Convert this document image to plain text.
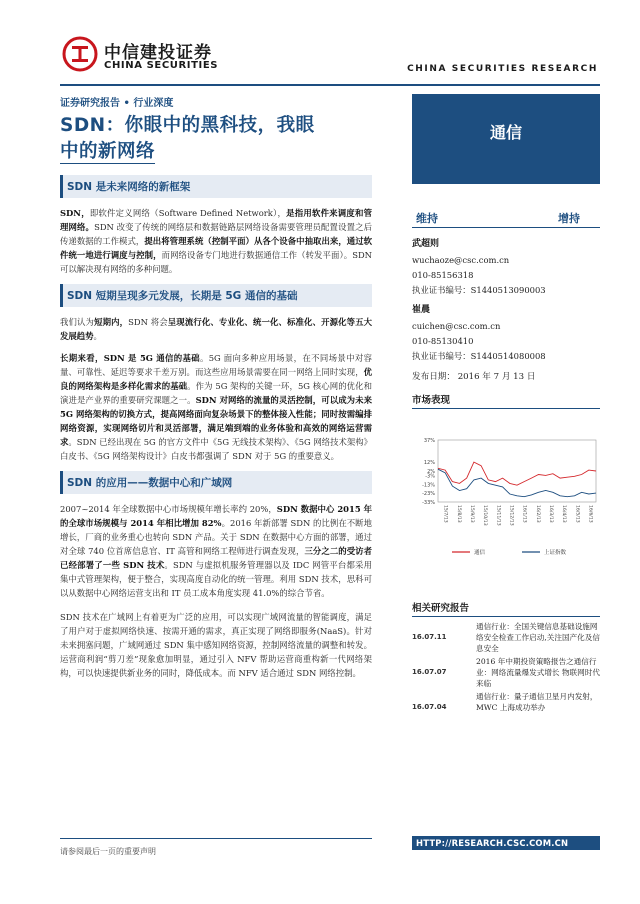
中信建投证券
CHINA SECURITIES	CHINA SECURITIES RESEARCH
证券研究报告 • 行业深度
SDN：你眼中的黑科技，我眼
中的新网络
SDN 是未来网络的新框架

SDN，即软件定义网络（Software Defined Network），是指用软件来调度和管理网络。SDN 改变了传统的网络层和数据链路层网络设备需要管理员配置设置之后传递数据的工作模式，提出将管理系统（控制平面）从各个设备中抽取出来，通过软件统一地进行调度与控制，而网络设备专门地进行数据通信工作（转发平面）。SDN 可以解决现有网络的多种问题。

SDN 短期呈现多元发展，长期是 5G 通信的基础

我们认为短期内，SDN 将会呈现流行化、专业化、统一化、标准化、开源化等五大发展趋势。

长期来看，SDN 是 5G 通信的基础。5G 面向多种应用场景，在不同场景中对容量、可靠性、延迟等要求千差万别。而这些应用场景需要在同一网络上同时实现，优良的网络架构是多样化需求的基础。作为 5G 架构的关键一环，5G 核心网的优化和演进是产业界的重要研究课题之一。SDN 对网络的流量的灵活控制，可以成为未来 5G 网络架构的切换方式，提高网络面向复杂场景下的整体接入性能；同时按需编排网络资源，实现网络切片和灵活部署，满足端到端的业务体验和高效的网络运营需求。SDN 已经出现在 5G 的官方文件中《5G 无线技术架构》、《5G 网络技术架构》白皮书、《5G 网络架构设计》白皮书都强调了 SDN 对于 5G 的重要意义。

SDN 的应用——数据中心和广域网

2007~2014 年全球数据中心市场规模年增长率约 20%，SDN 数据中心 2015 年的全球市场规模与 2014 年相比增加 82%。2016 年新部署 SDN 的比例在不断地增长，厂商的业务重心也转向 SDN 产品。关于 SDN 在数据中心方面的部署，通过对全球 740 位首席信息官、IT 高管和网络工程师进行调查发现，三分之二的受访者已经部署了一些 SDN 技术。SDN 与虚拟机服务管理器以及 IDC 网管平台都采用集中式管理架构，便于整合，实现高度自动化的统一管理。利用 SDN 技术，思科可以从数据中心网络运营支出和 IT 员工成本角度实现 41.0%的综合节省。

SDN 技术在广域网上有着更为广泛的应用，可以实现广域网流量的智能调度，满足了用户对于虚拟网络快速、按需开通的需求，真正实现了网络即服务(NaaS)。针对未来拥塞问题，广域网通过 SDN 集中感知网络资源，控制网络流量的调整和转发。运营商利润“剪刀差”现象愈加明显，通过引入 NFV 帮助运营商重构新一代网络架构，可以快速提供新业务的同时，降低成本。而 NFV 适合通过 SDN 网络控制。

请参阅最后一页的重要声明
通信
维持	增持
武超则
wuchaoze@csc.com.cn
010-85156318
执业证书编号：S1440513090003
崔晨
cuichen@csc.com.cn
010-85130410
执业证书编号：S1440514080008
发布日期： 2016 年 7 月 13 日
市场表现
37%
12%
2%
-3%
-13%
-23%
-33%
15/7/13 15/8/13 15/9/13 15/10/13 15/11/13 15/12/13 16/1/13 16/2/13 16/3/13 16/4/13 16/5/13 16/6/13
通信	上证指数
相关研究报告
16.07.11
通信行业：全国关键信息基础设施网络安全检查工作启动,关注国产化及信息安全
16.07.07
2016 年中期投资策略报告之通信行业：网络流量爆发式增长 物联网时代来临
16.07.04
通信行业：量子通信卫星月内发射，MWC 上海成功举办
HTTP://RESEARCH.CSC.COM.CN
